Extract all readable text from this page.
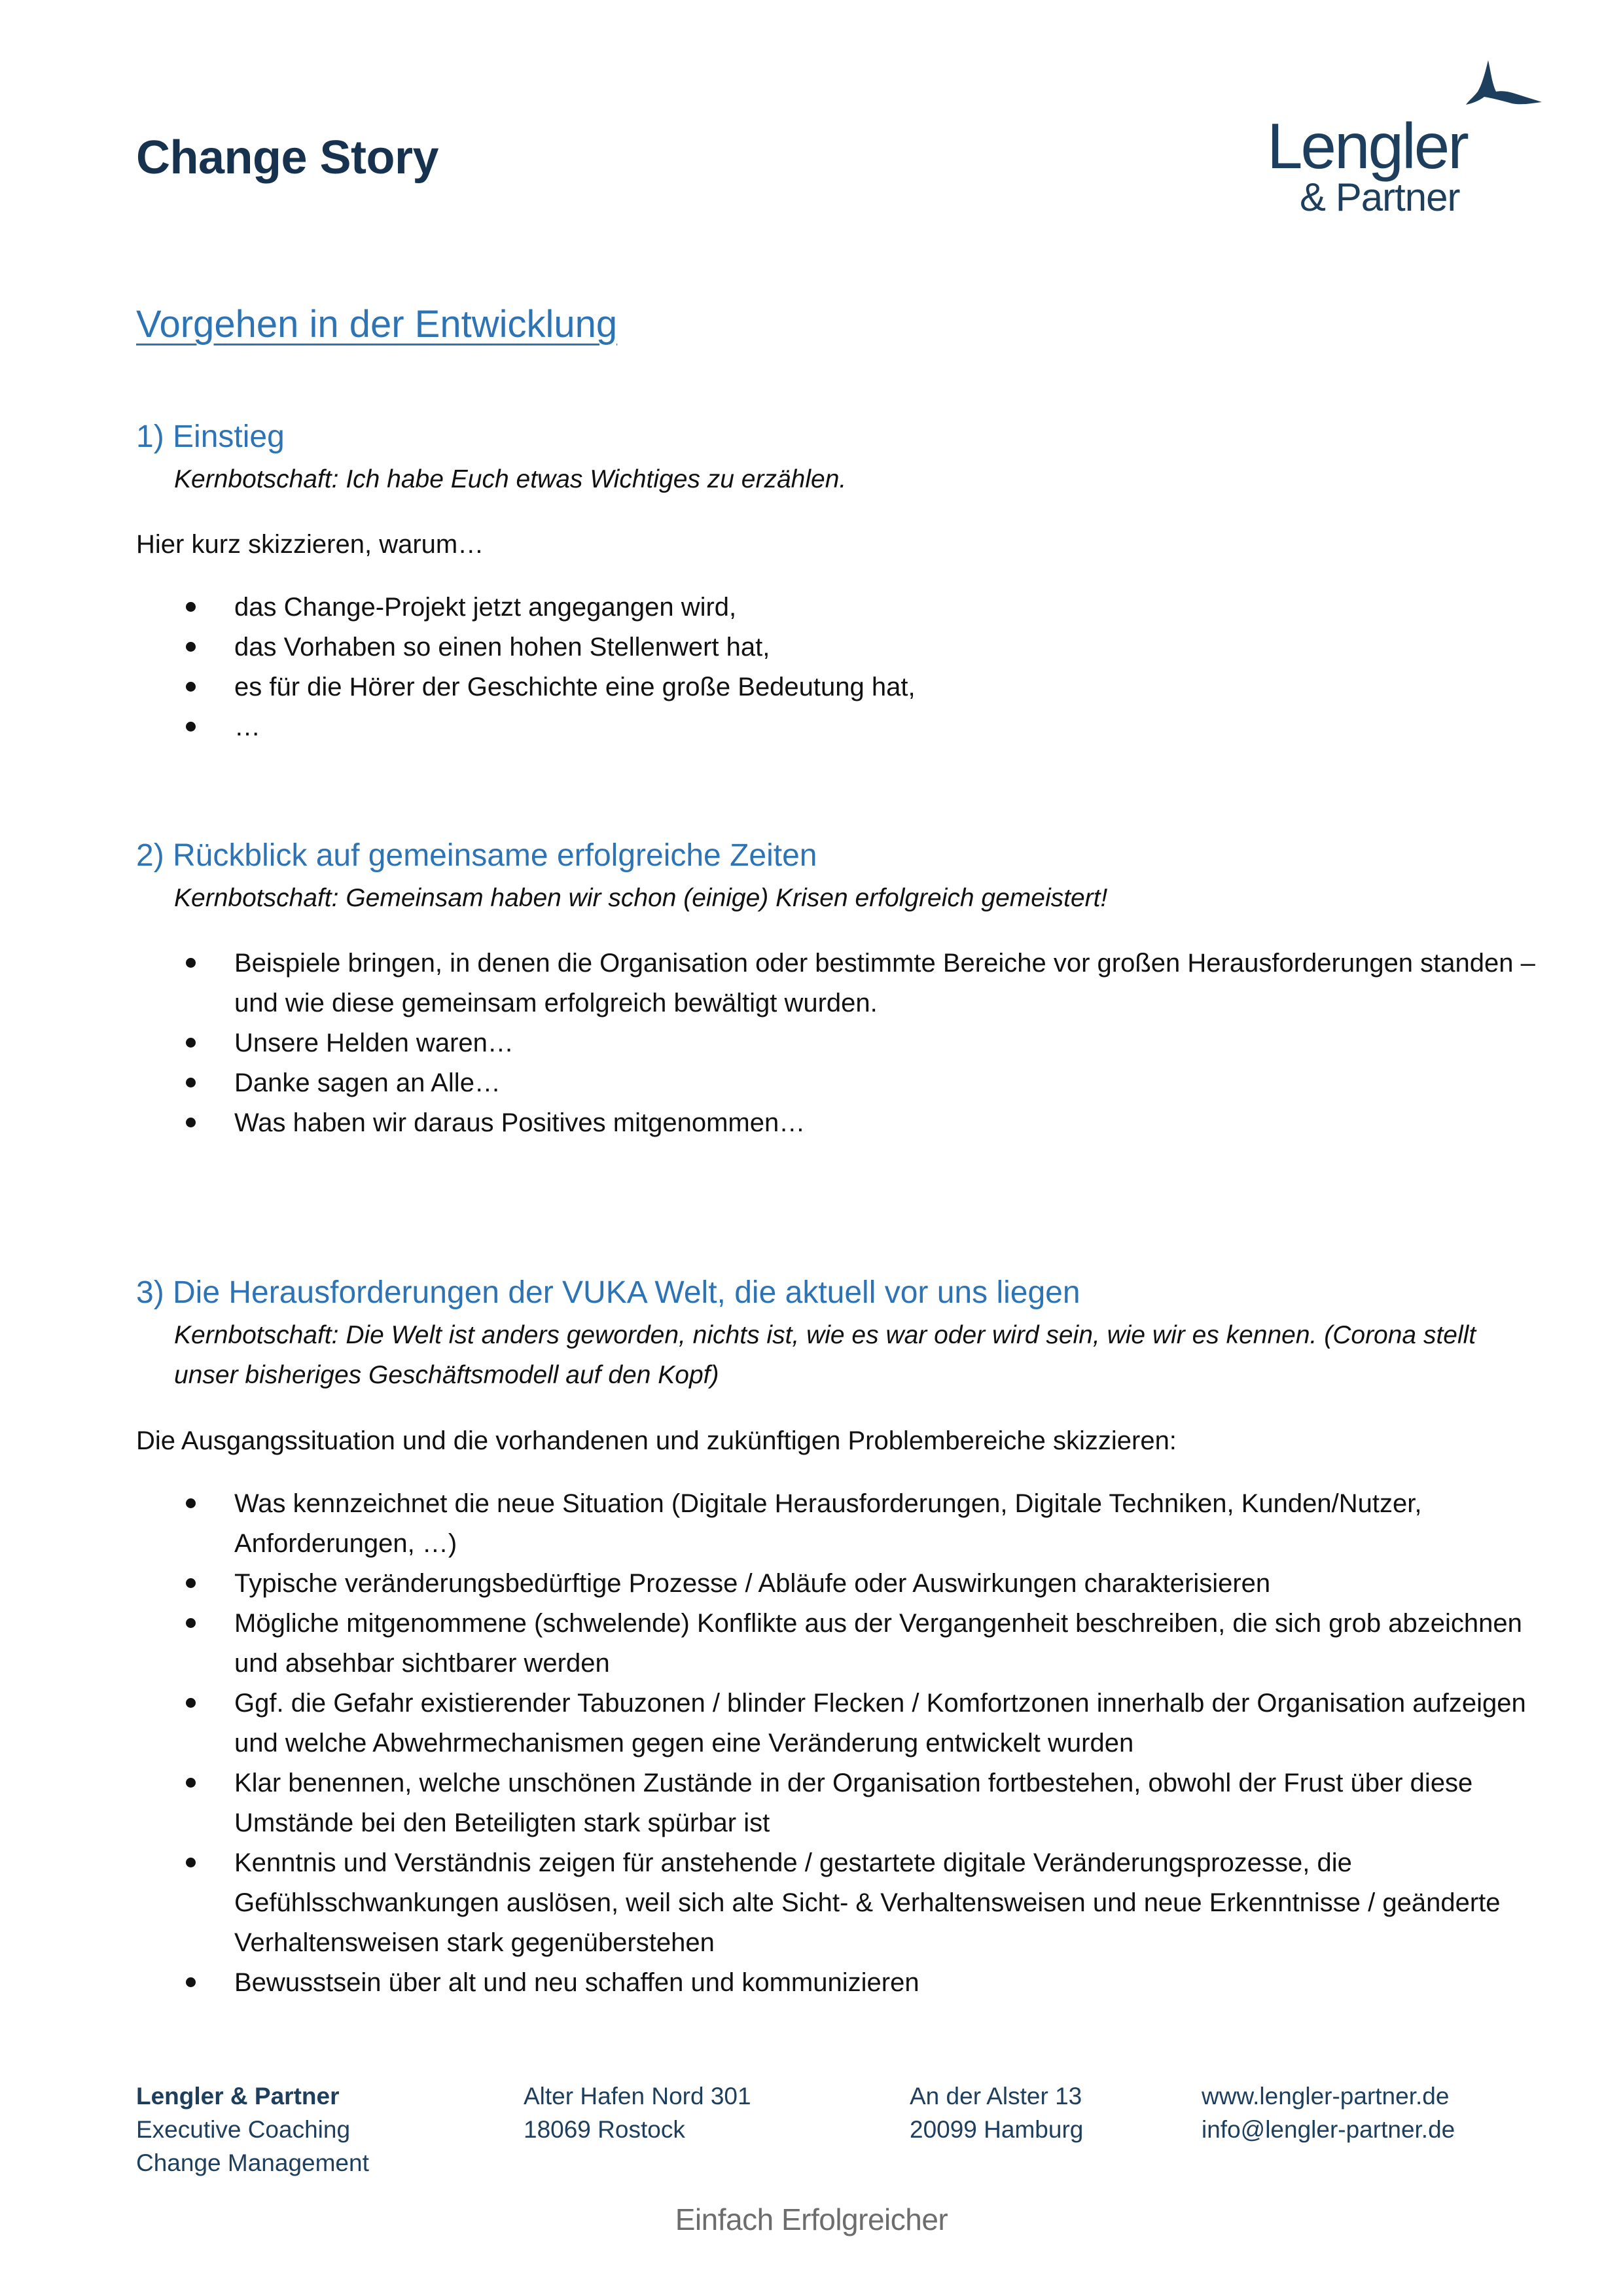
Change Story	Lengler
& Partner
Vorgehen in der Entwicklung
1) Einstieg
Kernbotschaft: Ich habe Euch etwas Wichtiges zu erzählen.
Hier kurz skizzieren, warum…
das Change-Projekt jetzt angegangen wird,
das Vorhaben so einen hohen Stellenwert hat,
es für die Hörer der Geschichte eine große Bedeutung hat,
…
2) Rückblick auf gemeinsame erfolgreiche Zeiten
Kernbotschaft: Gemeinsam haben wir schon (einige) Krisen erfolgreich gemeistert!
Beispiele bringen, in denen die Organisation oder bestimmte Bereiche vor großen Herausforderungen standen – und wie diese gemeinsam erfolgreich bewältigt wurden.
Unsere Helden waren…
Danke sagen an Alle…
Was haben wir daraus Positives mitgenommen…
3) Die Herausforderungen der VUKA Welt, die aktuell vor uns liegen
Kernbotschaft: Die Welt ist anders geworden, nichts ist, wie es war oder wird sein, wie wir es kennen. (Corona stellt unser bisheriges Geschäftsmodell auf den Kopf)
Die Ausgangssituation und die vorhandenen und zukünftigen Problembereiche skizzieren:
Was kennzeichnet die neue Situation (Digitale Herausforderungen, Digitale Techniken, Kunden/Nutzer, Anforderungen, …)
Typische veränderungsbedürftige Prozesse / Abläufe oder Auswirkungen charakterisieren
Mögliche mitgenommene (schwelende) Konflikte aus der Vergangenheit beschreiben, die sich grob abzeichnen und absehbar sichtbarer werden
Ggf. die Gefahr existierender Tabuzonen / blinder Flecken / Komfortzonen innerhalb der Organisation aufzeigen und welche Abwehrmechanismen gegen eine Veränderung entwickelt wurden
Klar benennen, welche unschönen Zustände in der Organisation fortbestehen, obwohl der Frust über diese Umstände bei den Beteiligten stark spürbar ist
Kenntnis und Verständnis zeigen für anstehende / gestartete digitale Veränderungsprozesse, die Gefühlsschwankungen auslösen, weil sich alte Sicht- & Verhaltensweisen und neue Erkenntnisse / geänderte Verhaltensweisen stark gegenüberstehen
Bewusstsein über alt und neu schaffen und kommunizieren
Lengler & Partner
Executive Coaching
Change Management
Alter Hafen Nord 301
18069 Rostock
An der Alster 13
20099 Hamburg
www.lengler-partner.de
info@lengler-partner.de
Einfach Erfolgreicher
